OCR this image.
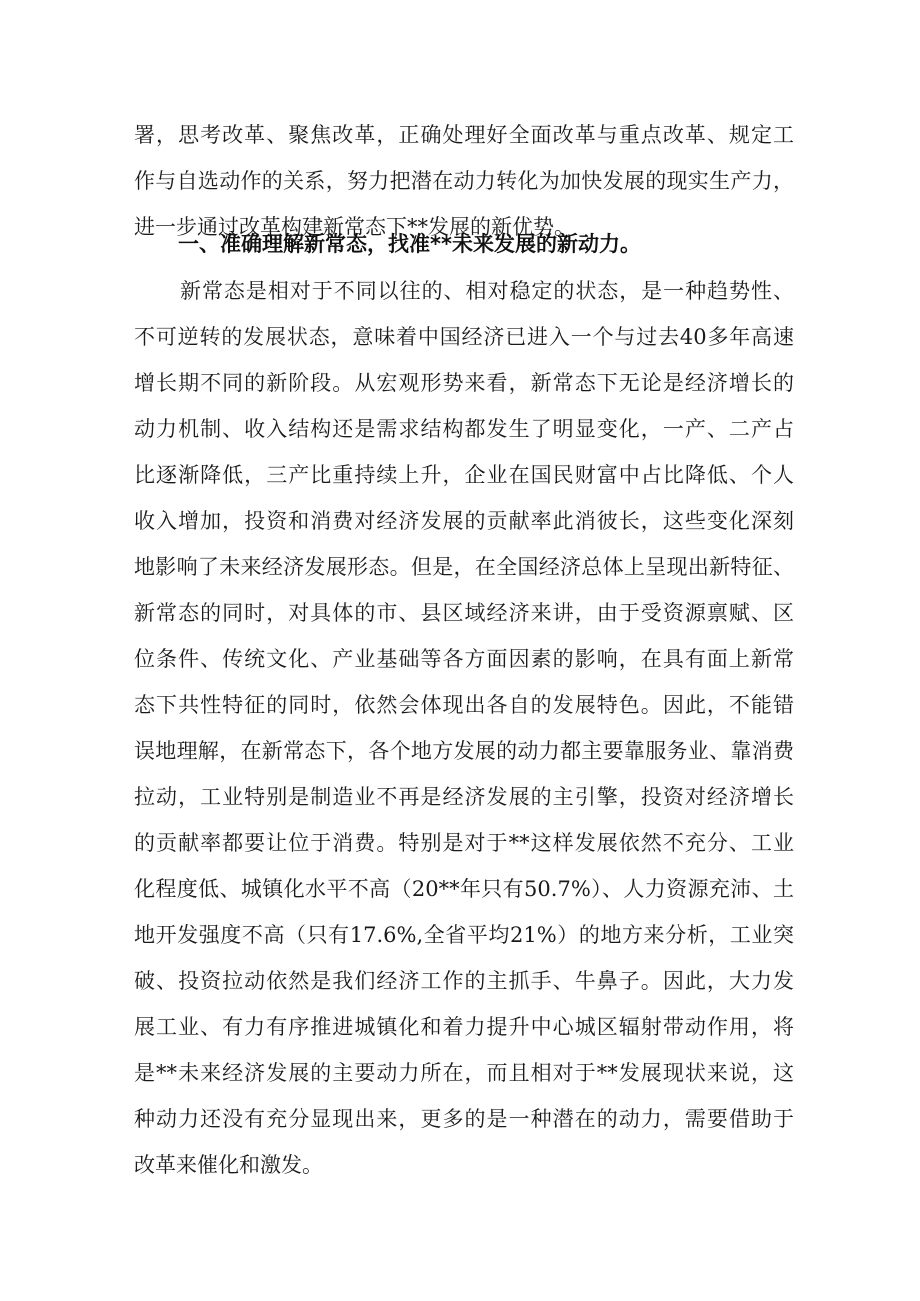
署，思考改革、聚焦改革，正确处理好全面改革与重点改革、规定工
作与自选动作的关系，努力把潜在动力转化为加快发展的现实生产力，
进一步通过改革构建新常态下**发展的新优势。
一、准确理解新常态，找准**未来发展的新动力。
新常态是相对于不同以往的、相对稳定的状态，是一种趋势性、
不可逆转的发展状态，意味着中国经济已进入一个与过去40多年高速
增长期不同的新阶段。从宏观形势来看，新常态下无论是经济增长的
动力机制、收入结构还是需求结构都发生了明显变化，一产、二产占
比逐渐降低，三产比重持续上升，企业在国民财富中占比降低、个人
收入增加，投资和消费对经济发展的贡献率此消彼长，这些变化深刻
地影响了未来经济发展形态。但是，在全国经济总体上呈现出新特征、
新常态的同时，对具体的市、县区域经济来讲，由于受资源禀赋、区
位条件、传统文化、产业基础等各方面因素的影响，在具有面上新常
态下共性特征的同时，依然会体现出各自的发展特色。因此，不能错
误地理解，在新常态下，各个地方发展的动力都主要靠服务业、靠消费
拉动，工业特别是制造业不再是经济发展的主引擎，投资对经济增长
的贡献率都要让位于消费。特别是对于**这样发展依然不充分、工业
化程度低、城镇化水平不高（20**年只有50.7%）、人力资源充沛、土
地开发强度不高（只有17.6%,全省平均21%）的地方来分析，工业突
破、投资拉动依然是我们经济工作的主抓手、牛鼻子。因此，大力发
展工业、有力有序推进城镇化和着力提升中心城区辐射带动作用，将
是**未来经济发展的主要动力所在，而且相对于**发展现状来说，这
种动力还没有充分显现出来，更多的是一种潜在的动力，需要借助于
改革来催化和激发。
